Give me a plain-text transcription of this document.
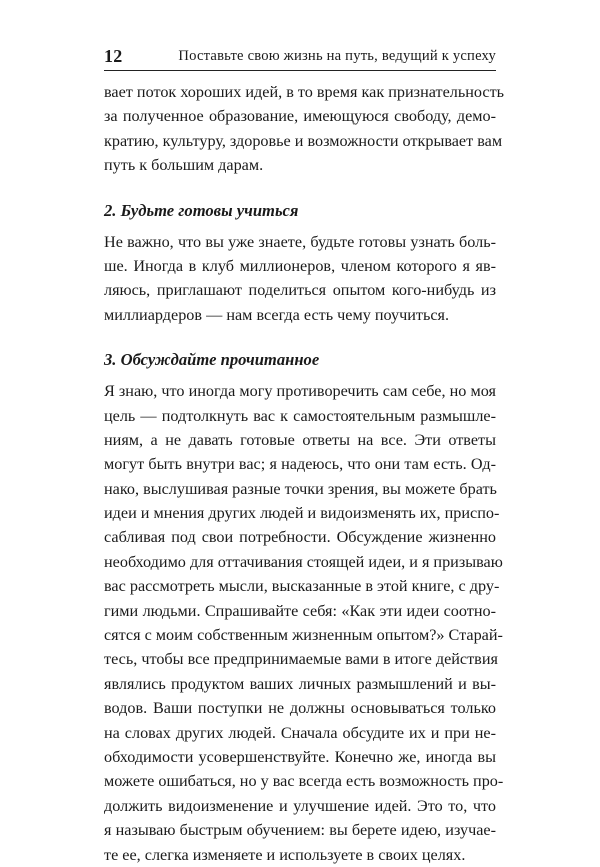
12	Поставьте свою жизнь на путь, ведущий к успеху
вает поток хороших идей, в то время как признательность
за полученное образование, имеющуюся свободу, демо-
кратию, культуру, здоровье и возможности открывает вам
путь к большим дарам.
2. Будьте готовы учиться
Не важно, что вы уже знаете, будьте готовы узнать боль-
ше. Иногда в клуб миллионеров, членом которого я яв-
ляюсь, приглашают поделиться опытом кого-нибудь из
миллиардеров — нам всегда есть чему поучиться.
3. Обсуждайте прочитанное
Я знаю, что иногда могу противоречить сам себе, но моя
цель — подтолкнуть вас к самостоятельным размышле-
ниям, а не давать готовые ответы на все. Эти ответы
могут быть внутри вас; я надеюсь, что они там есть. Од-
нако, выслушивая разные точки зрения, вы можете брать
идеи и мнения других людей и видоизменять их, приспо-
сабливая под свои потребности. Обсуждение жизненно
необходимо для оттачивания стоящей идеи, и я призываю
вас рассмотреть мысли, высказанные в этой книге, с дру-
гими людьми. Спрашивайте себя: «Как эти идеи соотно-
сятся с моим собственным жизненным опытом?» Старай-
тесь, чтобы все предпринимаемые вами в итоге действия
являлись продуктом ваших личных размышлений и вы-
водов. Ваши поступки не должны основываться только
на словах других людей. Сначала обсудите их и при не-
обходимости усовершенствуйте. Конечно же, иногда вы
можете ошибаться, но у вас всегда есть возможность про-
должить видоизменение и улучшение идей. Это то, что
я называю быстрым обучением: вы берете идею, изучае-
те ее, слегка изменяете и используете в своих целях.
